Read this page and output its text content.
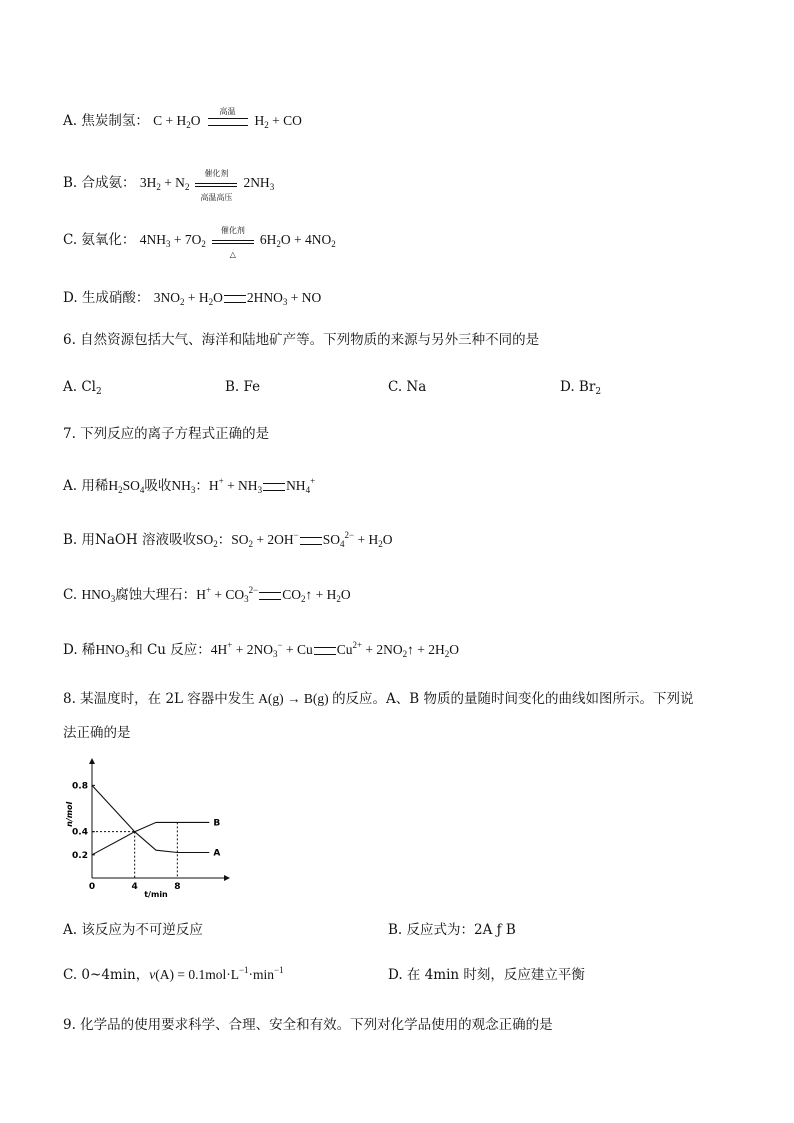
A. 焦炭制氢： $C + H_2O$
高温
$H_2$ + CO
B. 合成氨： $3H_2 + N_2$
催化剂
高温高压
$2NH_3$
C. 氨氧化： $4NH_3 + 7O_2$
催化剂
△
$6H_2O + 4NO_2$
D. 生成硝酸： $3NO_2 + H_2O$ $2HNO_3$ + NO
6. 自然资源包括大气、海洋和陆地矿产等。下列物质的来源与另外三种不同的是
A. $Cl_2$	B. Fe	C. Na	D. $Br_2$
7. 下列反应的离子方程式正确的是
A. 用稀$H_2SO_4$吸收$NH_3$：$H^+ + NH_3$ $NH_4^+$
B. 用NaOH 溶液吸收$SO_2$：$SO_2 + 2OH^-$ $SO_4^{2-} + H_2O$
C. $HNO_3$腐蚀大理石：$H^+ + CO_3^{2-}$ $CO_2↑ + H_2O$
D. 稀$HNO_3$和 Cu 反应：$4H^+ + 2NO_3^- + Cu$ $Cu^{2+}$ + $2NO_2↑ + 2H_2O$
8. 某温度时，在 2L 容器中发生 A(g) → B(g) 的反应。A、B 物质的量随时间变化的曲线如图所示。下列说
法正确的是
0.2
0.4
0.8
0	4	8
n/mol
t/min
A
B
A. 该反应为不可逆反应	B. 反应式为：2A ƒ B
C. 0~4min，$v(A) = 0.1mol\cdot L^{-1}\cdot\min^{-1}$	D. 在 4min 时刻，反应建立平衡
9. 化学品的使用要求科学、合理、安全和有效。下列对化学品使用的观念正确的是
